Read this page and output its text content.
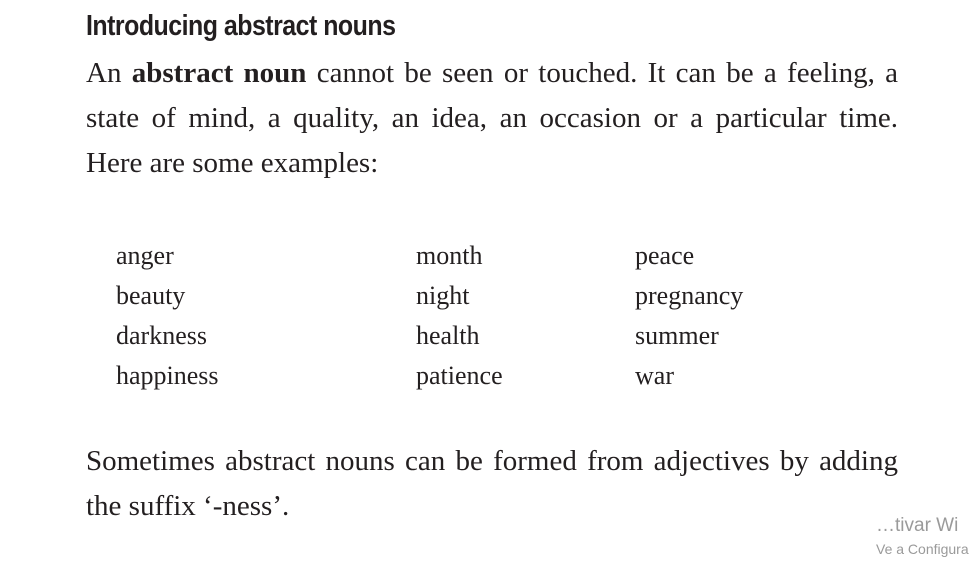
Introducing abstract nouns

An abstract noun cannot be seen or touched. It can be a feeling, a state of mind, a quality, an idea, an occasion or a particular time. Here are some examples:

anger
beauty
darkness
happiness
month
night
health
patience
peace
pregnancy
summer
war

Sometimes abstract nouns can be formed from adjectives by adding the suffix ‘-ness’.

…tivar Wi
Ve a Configura
